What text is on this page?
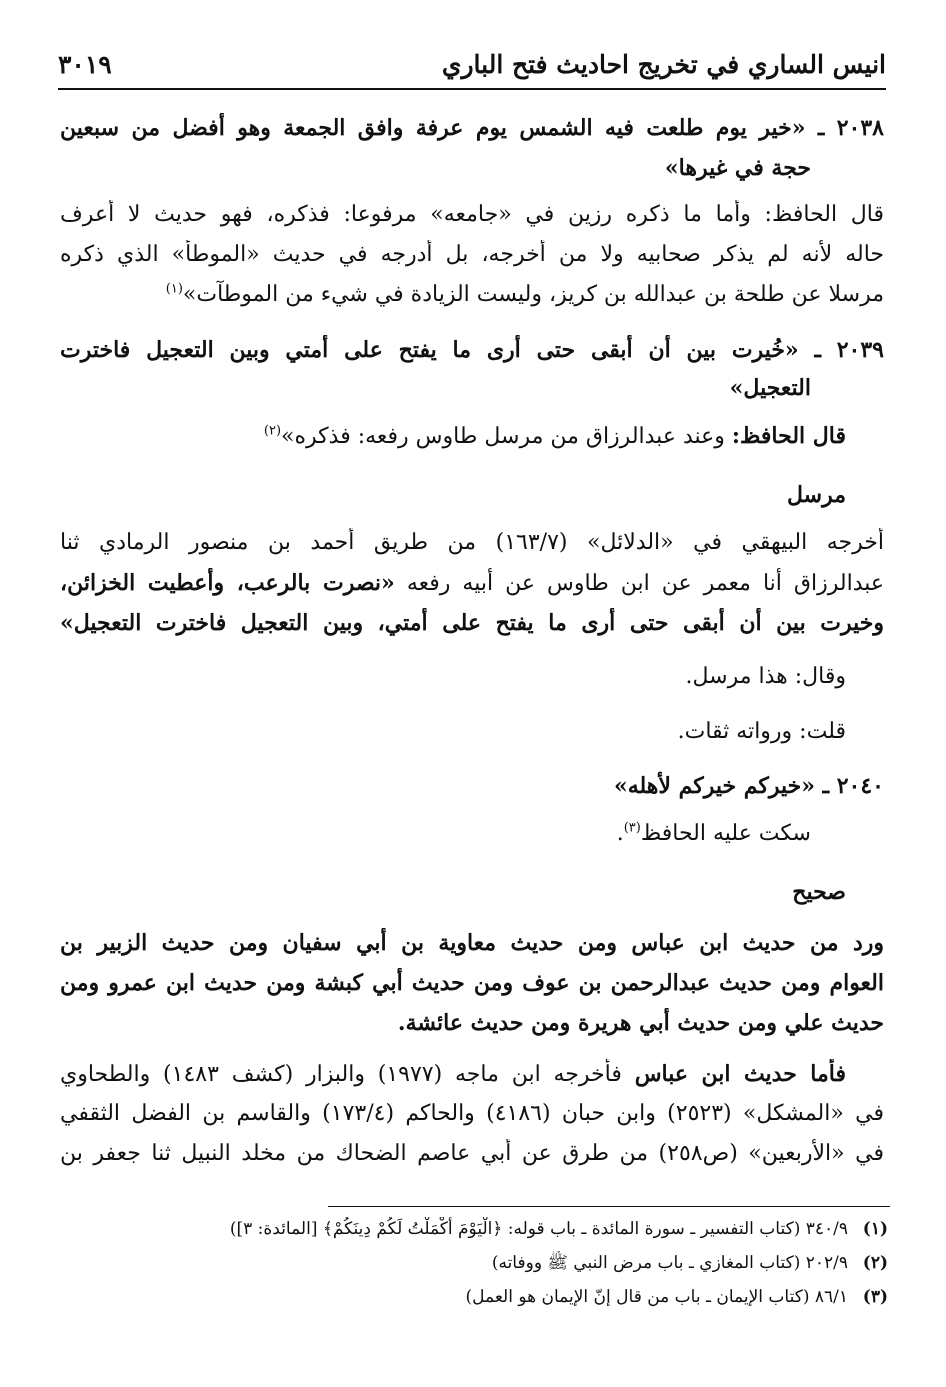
انيس الساري في تخريج احاديث فتح الباري
٣٠١٩
٢٠٣٨ ـ «خير يوم طلعت فيه الشمس يوم عرفة وافق الجمعة وهو أفضل من سبعين
حجة في غيرها»
قال الحافظ: وأما ما ذكره رزين في «جامعه» مرفوعا: فذكره، فهو حديث لا أعرف
حاله لأنه لم يذكر صحابيه ولا من أخرجه، بل أدرجه في حديث «الموطأ» الذي ذكره
مرسلا عن طلحة بن عبدالله بن كريز، وليست الزيادة في شيء من الموطآت»$^{(١)}$
٢٠٣٩ ـ «خُيرت بين أن أبقى حتى أرى ما يفتح على أمتي وبين التعجيل فاخترت
التعجيل»
قال الحافظ: وعند عبدالرزاق من مرسل طاوس رفعه: فذكره»$^{(٢)}$
مرسل
أخرجه البيهقي في «الدلائل» (١٦٣/٧) من طريق أحمد بن منصور الرمادي ثنا
عبدالرزاق أنا معمر عن ابن طاوس عن أبيه رفعه «نصرت بالرعب، وأعطيت الخزائن،
وخيرت بين أن أبقى حتى أرى ما يفتح على أمتي، وبين التعجيل فاخترت التعجيل»
وقال: هذا مرسل.
قلت: ورواته ثقات.
٢٠٤٠ ـ «خيركم خيركم لأهله»
سكت عليه الحافظ$^{(٣)}$.
صحيح
ورد من حديث ابن عباس ومن حديث معاوية بن أبي سفيان ومن حديث الزبير بن
العوام ومن حديث عبدالرحمن بن عوف ومن حديث أبي كبشة ومن حديث ابن عمرو ومن
حديث علي ومن حديث أبي هريرة ومن حديث عائشة.
فأما حديث ابن عباس فأخرجه ابن ماجه (١٩٧٧) والبزار (كشف ١٤٨٣) والطحاوي
في «المشكل» (٢٥٢٣) وابن حبان (٤١٨٦) والحاكم (١٧٣/٤) والقاسم بن الفضل الثقفي
في «الأربعين» (ص٢٥٨) من طرق عن أبي عاصم الضحاك من مخلد النبيل ثنا جعفر بن
(١)٣٤٠/٩ (كتاب التفسير ـ سورة المائدة ـ باب قوله: ﴿الْيَوْمَ أَكْمَلْتُ لَكُمْ دِينَكُمْ﴾ [المائدة: ٣])
(٢)٢٠٢/٩ (كتاب المغازي ـ باب مرض النبي ﷺ ووفاته)
(٣)٨٦/١ (كتاب الإيمان ـ باب من قال إنّ الإيمان هو العمل)
